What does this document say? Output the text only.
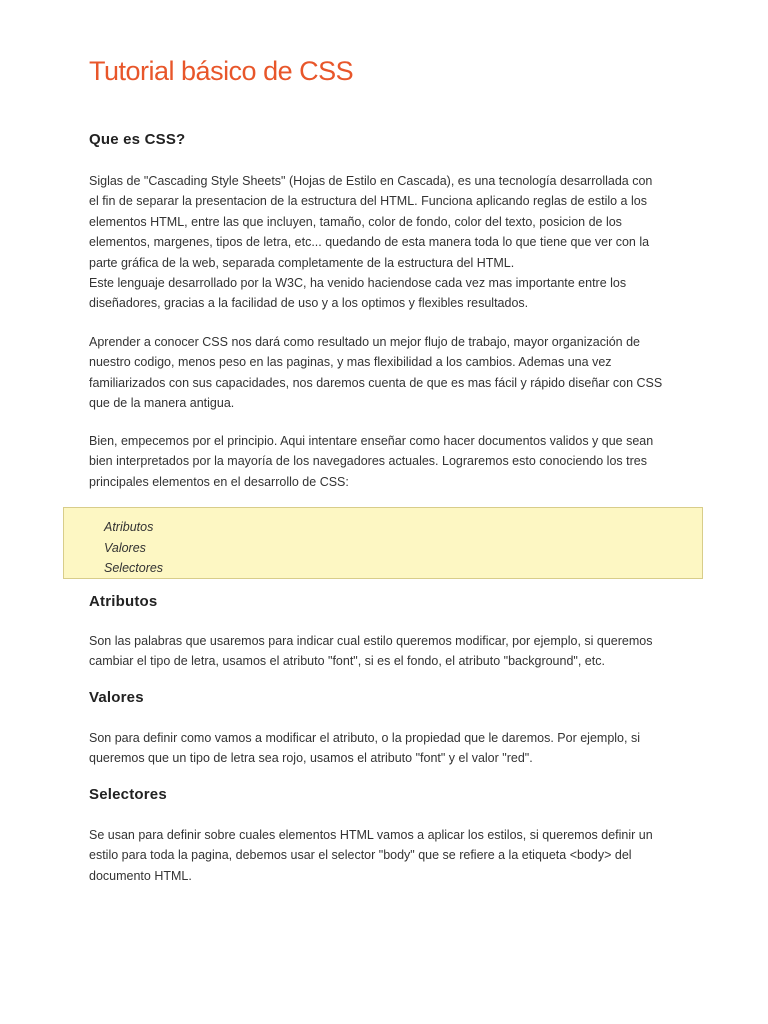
Tutorial básico de CSS
Que es CSS?

Siglas de "Cascading Style Sheets" (Hojas de Estilo en Cascada), es una tecnología desarrollada con
el fin de separar la presentacion de la estructura del HTML. Funciona aplicando reglas de estilo a los
elementos HTML, entre las que incluyen, tamaño, color de fondo, color del texto, posicion de los
elementos, margenes, tipos de letra, etc... quedando de esta manera toda lo que tiene que ver con la
parte gráfica de la web, separada completamente de la estructura del HTML.
Este lenguaje desarrollado por la W3C, ha venido haciendose cada vez mas importante entre los
diseñadores, gracias a la facilidad de uso y a los optimos y flexibles resultados.

Aprender a conocer CSS nos dará como resultado un mejor flujo de trabajo, mayor organización de
nuestro codigo, menos peso en las paginas, y mas flexibilidad a los cambios. Ademas una vez
familiarizados con sus capacidades, nos daremos cuenta de que es mas fácil y rápido diseñar con CSS
que de la manera antigua.

Bien, empecemos por el principio. Aqui intentare enseñar como hacer documentos validos y que sean
bien interpretados por la mayoría de los navegadores actuales. Lograremos esto conociendo los tres
principales elementos en el desarrollo de CSS:

Atributos
Valores
Selectores
Atributos

Son las palabras que usaremos para indicar cual estilo queremos modificar, por ejemplo, si queremos
cambiar el tipo de letra, usamos el atributo "font", si es el fondo, el atributo "background", etc.

Valores

Son para definir como vamos a modificar el atributo, o la propiedad que le daremos. Por ejemplo, si
queremos que un tipo de letra sea rojo, usamos el atributo "font" y el valor "red".

Selectores

Se usan para definir sobre cuales elementos HTML vamos a aplicar los estilos, si queremos definir un
estilo para toda la pagina, debemos usar el selector "body" que se refiere a la etiqueta <body> del
documento HTML.
